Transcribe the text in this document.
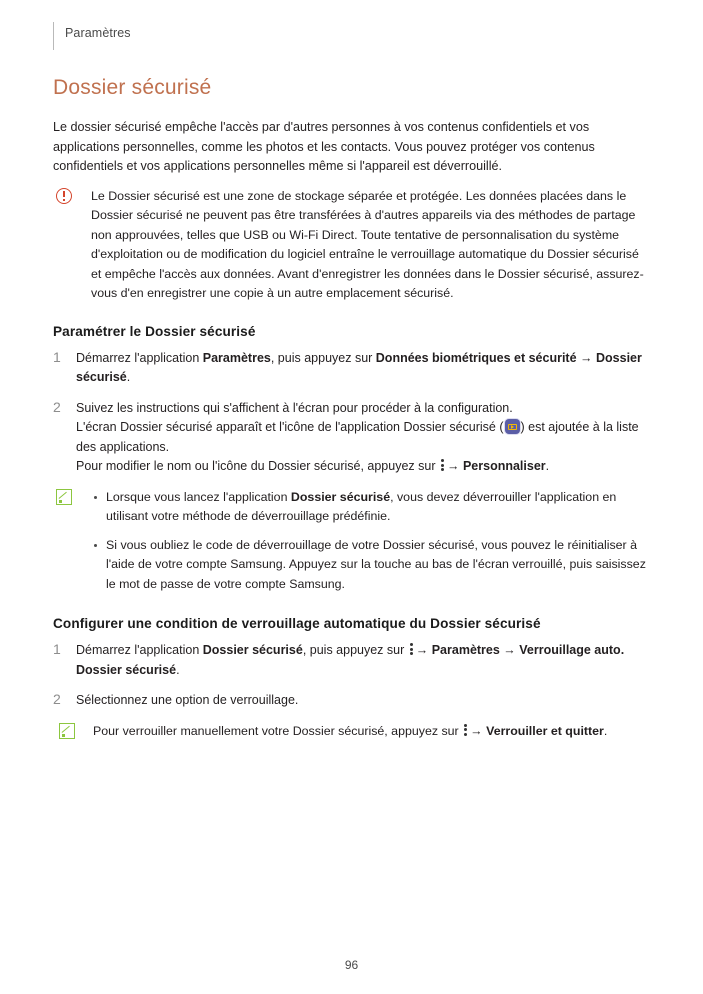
Paramètres
Dossier sécurisé

Le dossier sécurisé empêche l'accès par d'autres personnes à vos contenus confidentiels et vos applications personnelles, comme les photos et les contacts. Vous pouvez protéger vos contenus confidentiels et vos applications personnelles même si l'appareil est déverrouillé.

Le Dossier sécurisé est une zone de stockage séparée et protégée. Les données placées dans le Dossier sécurisé ne peuvent pas être transférées à d'autres appareils via des méthodes de partage non approuvées, telles que USB ou Wi-Fi Direct. Toute tentative de personnalisation du système d'exploitation ou de modification du logiciel entraîne le verrouillage automatique du Dossier sécurisé et empêche l'accès aux données. Avant d'enregistrer les données dans le Dossier sécurisé, assurez-vous d'en enregistrer une copie à un autre emplacement sécurisé.

Paramétrer le Dossier sécurisé
1 Démarrez l'application Paramètres, puis appuyez sur Données biométriques et sécurité → Dossier sécurisé.

2 Suivez les instructions qui s'affichent à l'écran pour procéder à la configuration.

L'écran Dossier sécurisé apparaît et l'icône de l'application Dossier sécurisé ( ) est ajoutée à la liste des applications.

Pour modifier le nom ou l'icône du Dossier sécurisé, appuyez sur
→ Personnaliser.

Lorsque vous lancez l'application Dossier sécurisé, vous devez déverrouiller l'application en utilisant votre méthode de déverrouillage prédéfinie.
Si vous oubliez le code de déverrouillage de votre Dossier sécurisé, vous pouvez le réinitialiser à l'aide de votre compte Samsung. Appuyez sur la touche au bas de l'écran verrouillé, puis saisissez le mot de passe de votre compte Samsung.
Configurer une condition de verrouillage automatique du Dossier sécurisé
1 Démarrez l'application Dossier sécurisé, puis appuyez sur
→ Paramètres → Verrouillage auto. Dossier sécurisé.

2 Sélectionnez une option de verrouillage.

Pour verrouiller manuellement votre Dossier sécurisé, appuyez sur
→ Verrouiller et quitter.

96
